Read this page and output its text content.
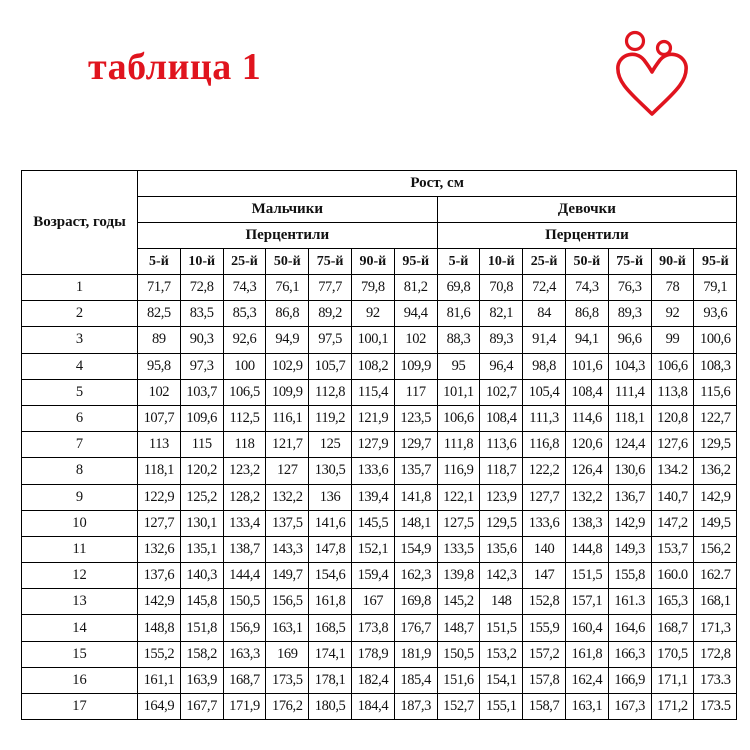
таблица 1
Возраст, годы	Рост, см													
	Мальчики							Девочки						
	Перцентили							Перцентили						
	5-й	10-й	25-й	50-й	75-й	90-й	95-й	5-й	10-й	25-й	50-й	75-й	90-й	95-й
1	71,7	72,8	74,3	76,1	77,7	79,8	81,2	69,8	70,8	72,4	74,3	76,3	78	79,1
2	82,5	83,5	85,3	86,8	89,2	92	94,4	81,6	82,1	84	86,8	89,3	92	93,6
3	89	90,3	92,6	94,9	97,5	100,1	102	88,3	89,3	91,4	94,1	96,6	99	100,6
4	95,8	97,3	100	102,9	105,7	108,2	109,9	95	96,4	98,8	101,6	104,3	106,6	108,3
5	102	103,7	106,5	109,9	112,8	115,4	117	101,1	102,7	105,4	108,4	111,4	113,8	115,6
6	107,7	109,6	112,5	116,1	119,2	121,9	123,5	106,6	108,4	111,3	114,6	118,1	120,8	122,7
7	113	115	118	121,7	125	127,9	129,7	111,8	113,6	116,8	120,6	124,4	127,6	129,5
8	118,1	120,2	123,2	127	130,5	133,6	135,7	116,9	118,7	122,2	126,4	130,6	134.2	136,2
9	122,9	125,2	128,2	132,2	136	139,4	141,8	122,1	123,9	127,7	132,2	136,7	140,7	142,9
10	127,7	130,1	133,4	137,5	141,6	145,5	148,1	127,5	129,5	133,6	138,3	142,9	147,2	149,5
11	132,6	135,1	138,7	143,3	147,8	152,1	154,9	133,5	135,6	140	144,8	149,3	153,7	156,2
12	137,6	140,3	144,4	149,7	154,6	159,4	162,3	139,8	142,3	147	151,5	155,8	160.0	162.7
13	142,9	145,8	150,5	156,5	161,8	167	169,8	145,2	148	152,8	157,1	161.3	165,3	168,1
14	148,8	151,8	156,9	163,1	168,5	173,8	176,7	148,7	151,5	155,9	160,4	164,6	168,7	171,3
15	155,2	158,2	163,3	169	174,1	178,9	181,9	150,5	153,2	157,2	161,8	166,3	170,5	172,8
16	161,1	163,9	168,7	173,5	178,1	182,4	185,4	151,6	154,1	157,8	162,4	166,9	171,1	173.3
17	164,9	167,7	171,9	176,2	180,5	184,4	187,3	152,7	155,1	158,7	163,1	167,3	171,2	173.5
